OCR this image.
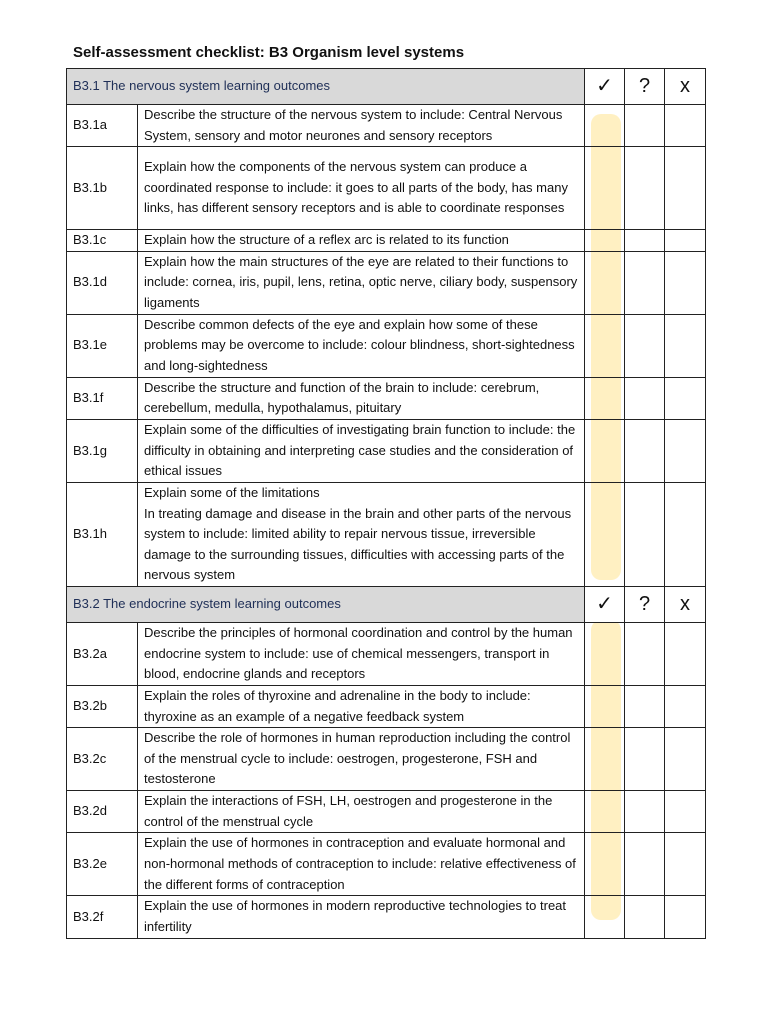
Self-assessment checklist: B3 Organism level systems
B3.1 The nervous system learning outcomes		✓	?	x
B3.1a	Describe the structure of the nervous system to include: Central Nervous System, sensory and motor neurones and sensory receptors			
B3.1b	Explain how the components of the nervous system can produce a coordinated response to include: it goes to all parts of the body, has many links, has different sensory receptors and is able to coordinate responses			
B3.1c	Explain how the structure of a reflex arc is related to its function			
B3.1d	Explain how the main structures of the eye are related to their functions to include: cornea, iris, pupil, lens, retina, optic nerve, ciliary body, suspensory ligaments			
B3.1e	Describe common defects of the eye and explain how some of these problems may be overcome to include: colour blindness, short-sightedness and long-sightedness			
B3.1f	Describe the structure and function of the brain to include: cerebrum, cerebellum, medulla, hypothalamus, pituitary			
B3.1g	Explain some of the difficulties of investigating brain function to include: the difficulty in obtaining and interpreting case studies and the consideration of ethical issues			
B3.1h	Explain some of the limitations
In treating damage and disease in the brain and other parts of the nervous system to include: limited ability to repair nervous tissue, irreversible damage to the surrounding tissues, difficulties with accessing parts of the nervous system			
B3.2 The endocrine system learning outcomes		✓	?	x
B3.2a	Describe the principles of hormonal coordination and control by the human endocrine system to include: use of chemical messengers, transport in blood, endocrine glands and receptors			
B3.2b	Explain the roles of thyroxine and adrenaline in the body to include: thyroxine as an example of a negative feedback system			
B3.2c	Describe the role of hormones in human reproduction including the control of the menstrual cycle to include: oestrogen, progesterone, FSH and testosterone			
B3.2d	Explain the interactions of FSH, LH, oestrogen and progesterone in the control of the menstrual cycle			
B3.2e	Explain the use of hormones in contraception and evaluate hormonal and non-hormonal methods of contraception to include: relative effectiveness of the different forms of contraception			
B3.2f	Explain the use of hormones in modern reproductive technologies to treat infertility			
